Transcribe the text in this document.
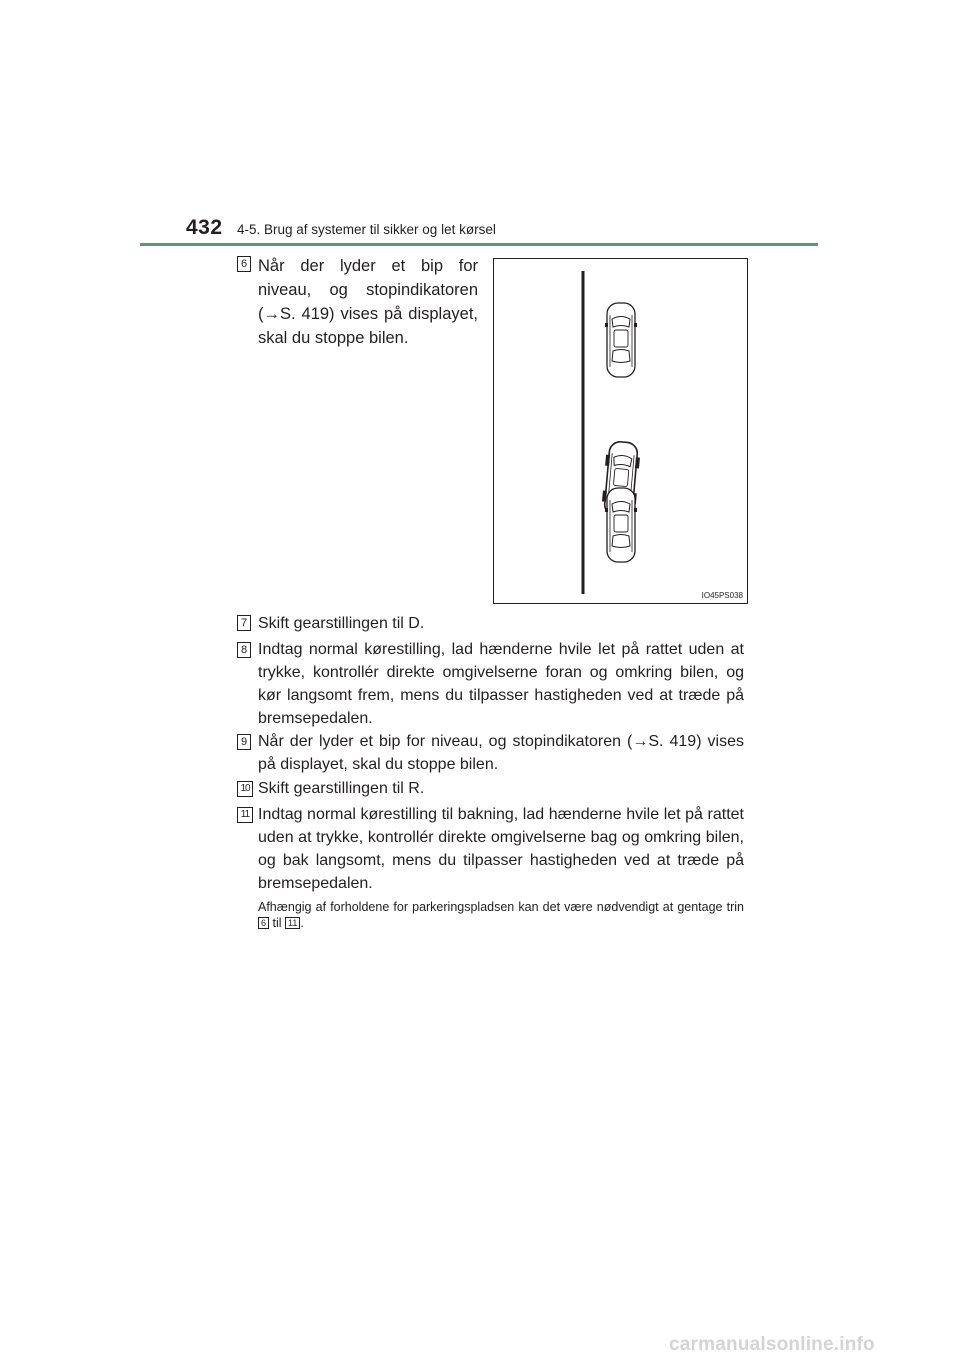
432 4-5. Brug af systemer til sikker og let kørsel
6 Når der lyder et bip for niveau, og stopindikatoren (→S. 419) vises på displayet, skal du stoppe bilen.
IO45PS038
7 Skift gearstillingen til D.
8 Indtag normal kørestilling, lad hænderne hvile let på rattet uden at trykke, kontrollér direkte omgivelserne foran og omkring bilen, og kør langsomt frem, mens du tilpasser hastigheden ved at træde på bremsepedalen.
9 Når der lyder et bip for niveau, og stopindikatoren (→S. 419) vises på displayet, skal du stoppe bilen.
10 Skift gearstillingen til R.
11 Indtag normal kørestilling til bakning, lad hænderne hvile let på rattet uden at trykke, kontrollér direkte omgivelserne bag og omkring bilen, og bak langsomt, mens du tilpasser hastigheden ved at træde på bremsepedalen.
Afhængig af forholdene for parkeringspladsen kan det være nødvendigt at gentage trin 6 til 11 .
carmanualsonline.info
